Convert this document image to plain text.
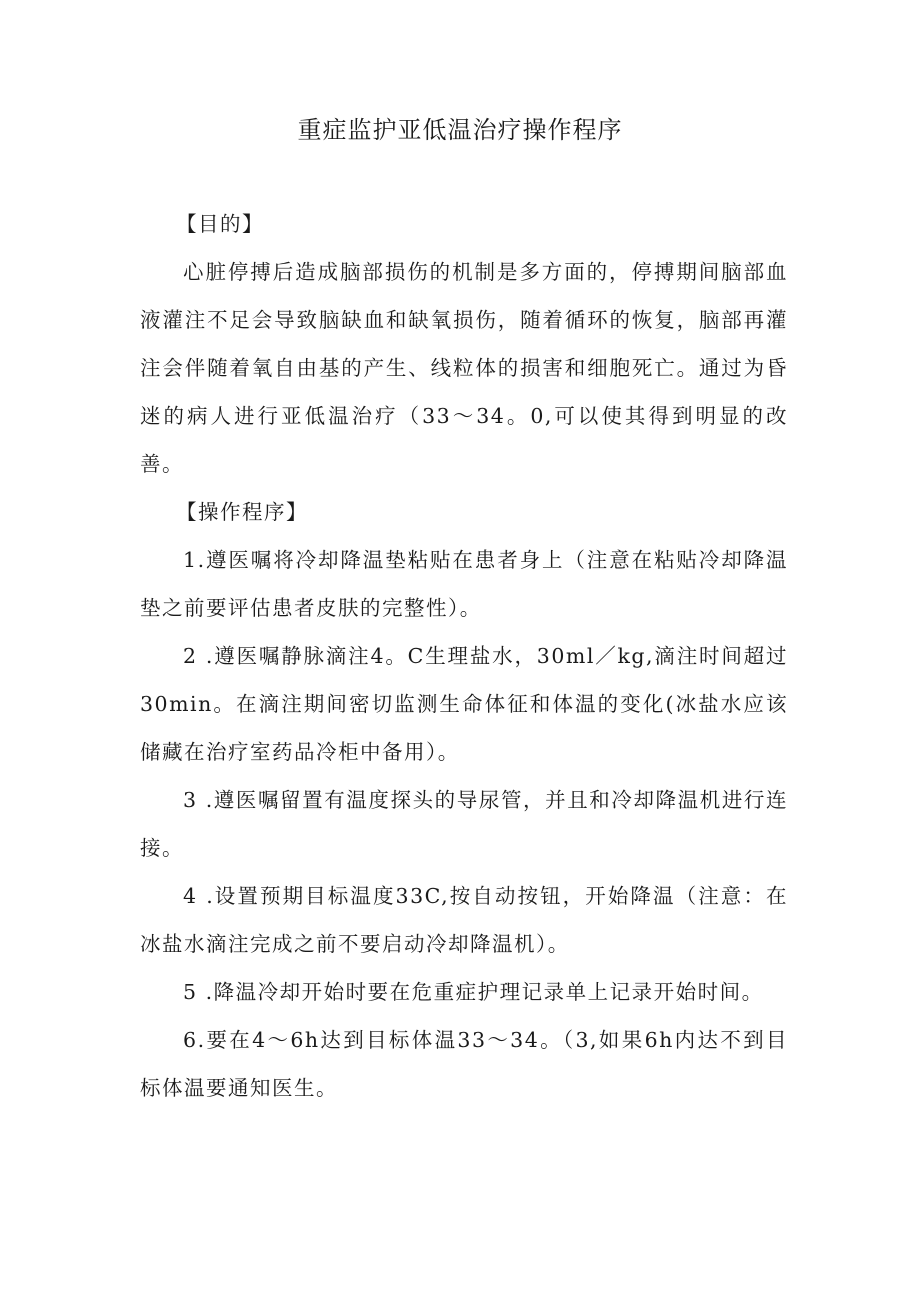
重症监护亚低温治疗操作程序
【目的】
心脏停搏后造成脑部损伤的机制是多方面的，停搏期间脑部血液灌注不足会导致脑缺血和缺氧损伤，随着循环的恢复，脑部再灌注会伴随着氧自由基的产生、线粒体的损害和细胞死亡。通过为昏迷的病人进行亚低温治疗（33～34。0,可以使其得到明显的改善。
【操作程序】
1.遵医嘱将冷却降温垫粘贴在患者身上（注意在粘贴冷却降温垫之前要评估患者皮肤的完整性）。
2 .遵医嘱静脉滴注4。C生理盐水，30ml／kg,滴注时间超过30min。在滴注期间密切监测生命体征和体温的变化(冰盐水应该储藏在治疗室药品冷柜中备用）。
3 .遵医嘱留置有温度探头的导尿管，并且和冷却降温机进行连接。
4 .设置预期目标温度33C,按自动按钮，开始降温（注意：在冰盐水滴注完成之前不要启动冷却降温机）。
5 .降温冷却开始时要在危重症护理记录单上记录开始时间。
6.要在4～6h达到目标体温33～34。（3,如果6h内达不到目标体温要通知医生。
